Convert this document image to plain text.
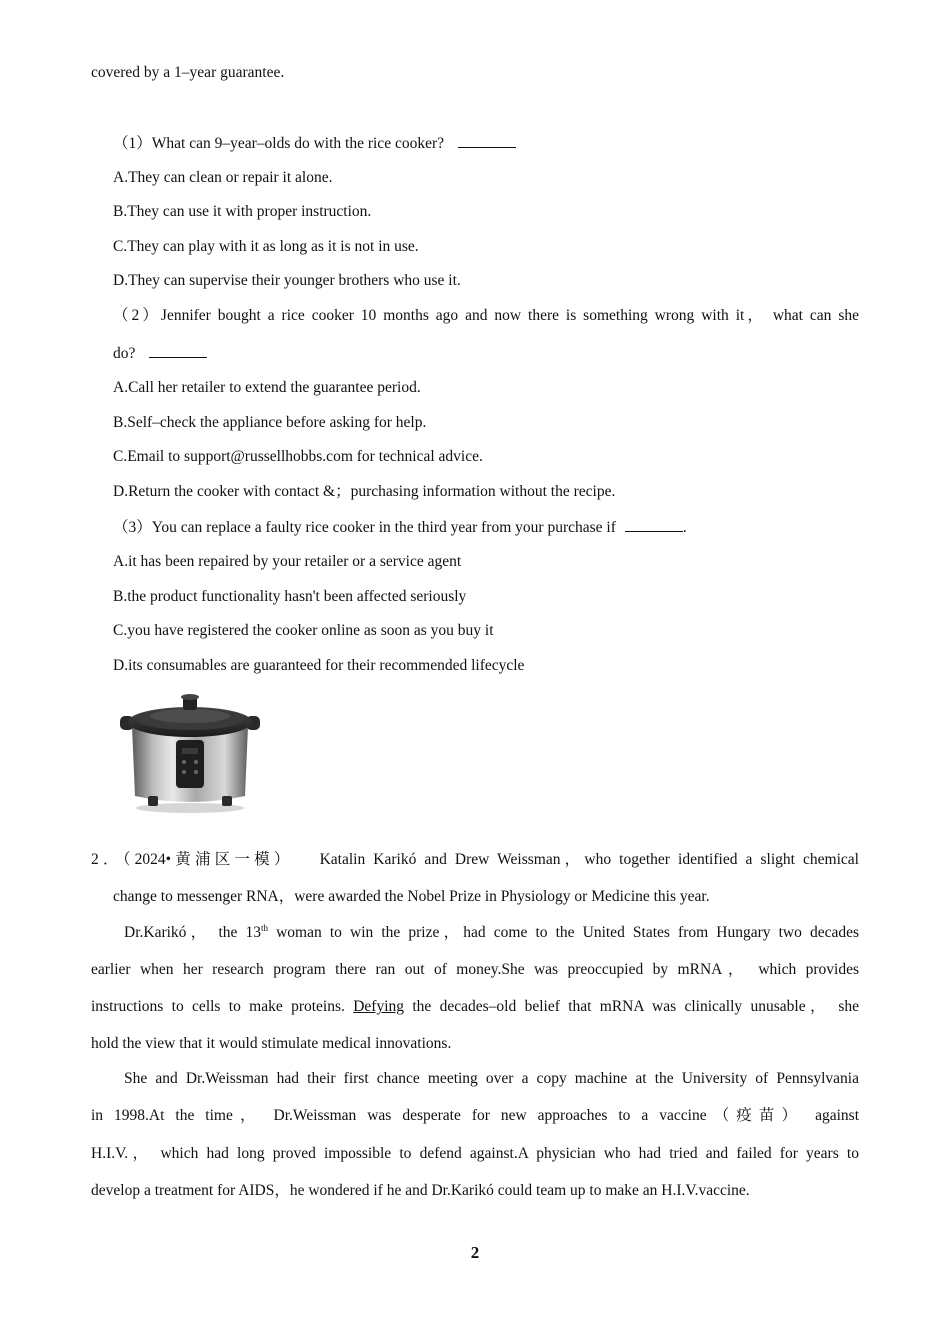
covered by a 1–year guarantee.
（1）What can 9–year–olds do with the rice cooker?
A.They can clean or repair it alone.
B.They can use it with proper instruction.
C.They can play with it as long as it is not in use.
D.They can supervise their younger brothers who use it.
（2）Jennifer bought a rice cooker 10 months ago and now there is something wrong with it， what can she
do?
A.Call her retailer to extend the guarantee period.
B.Self–check the appliance before asking for help.
C.Email to support@russellhobbs.com for technical advice.
D.Return the cooker with contact &；purchasing information without the recipe.
（3）You can replace a faulty rice cooker in the third year from your purchase if	.
A.it has been repaired by your retailer or a service agent
B.the product functionality hasn't been affected seriously
C.you have registered the cooker online as soon as you buy it
D.its consumables are guaranteed for their recommended lifecycle
2．（2024•黄浦区一模） Katalin Karikó and Drew Weissman，who together identified a slight chemical
change to messenger RNA，were awarded the Nobel Prize in Physiology or Medicine this year.
Dr.Karikó， the 13th woman to win the prize，had come to the United States from Hungary two decades
earlier when her research program there ran out of money.She was preoccupied by mRNA， which provides
instructions to cells to make proteins. Defying the decades–old belief that mRNA was clinically unusable， she
hold the view that it would stimulate medical innovations.
She and Dr.Weissman had their first chance meeting over a copy machine at the University of Pennsylvania
in 1998.At the time， Dr.Weissman was desperate for new approaches to a vaccine（疫苗） against
H.I.V.， which had long proved impossible to defend against.A physician who had tried and failed for years to
develop a treatment for AIDS，he wondered if he and Dr.Karikó could team up to make an H.I.V.vaccine.
2
